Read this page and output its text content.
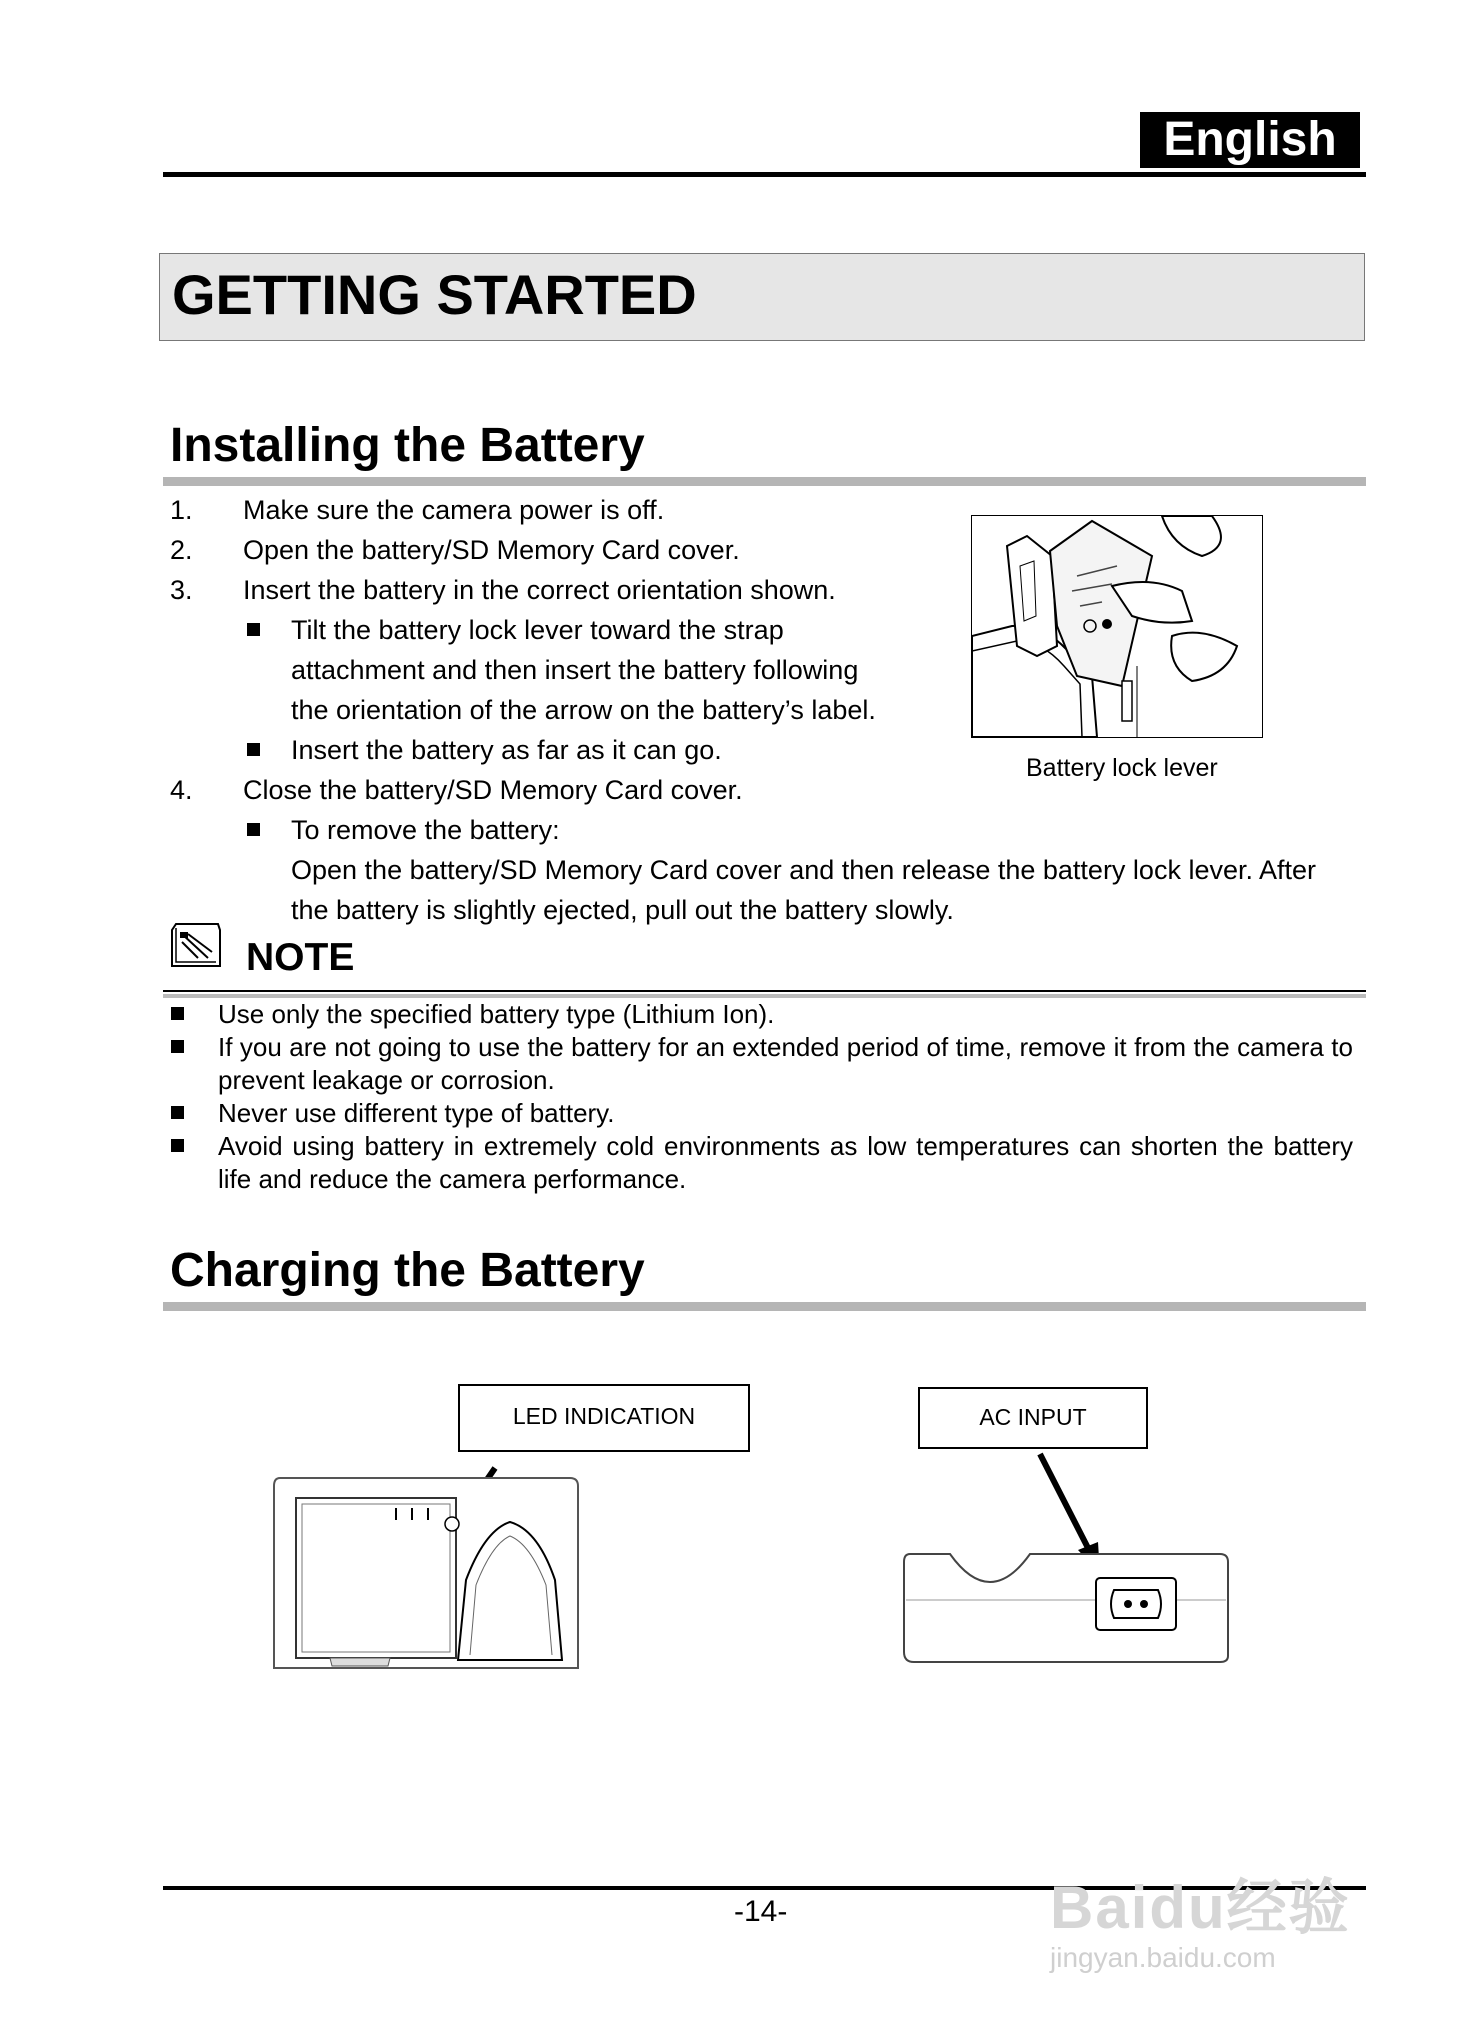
English
GETTING STARTED
Installing the Battery
1. Make sure the camera power is off.
2. Open the battery/SD Memory Card cover.
3. Insert the battery in the correct orientation shown.
Tilt the battery lock lever toward the strap
attachment and then insert the battery following
the orientation of the arrow on the battery’s label.
Insert the battery as far as it can go.
4. Close the battery/SD Memory Card cover.
To remove the battery:
Open the battery/SD Memory Card cover and then release the battery lock lever. After
the battery is slightly ejected, pull out the battery slowly.
Battery lock lever
NOTE
Use only the specified battery type (Lithium Ion).
If you are not going to use the battery for an extended period of time, remove it from the camera to prevent leakage or corrosion.
Never use different type of battery.
Avoid using battery in extremely cold environments as low temperatures can shorten the battery life and reduce the camera performance.
Charging the Battery
LED INDICATION	AC INPUT
-14-	Baidu经验
jingyan.baidu.com
